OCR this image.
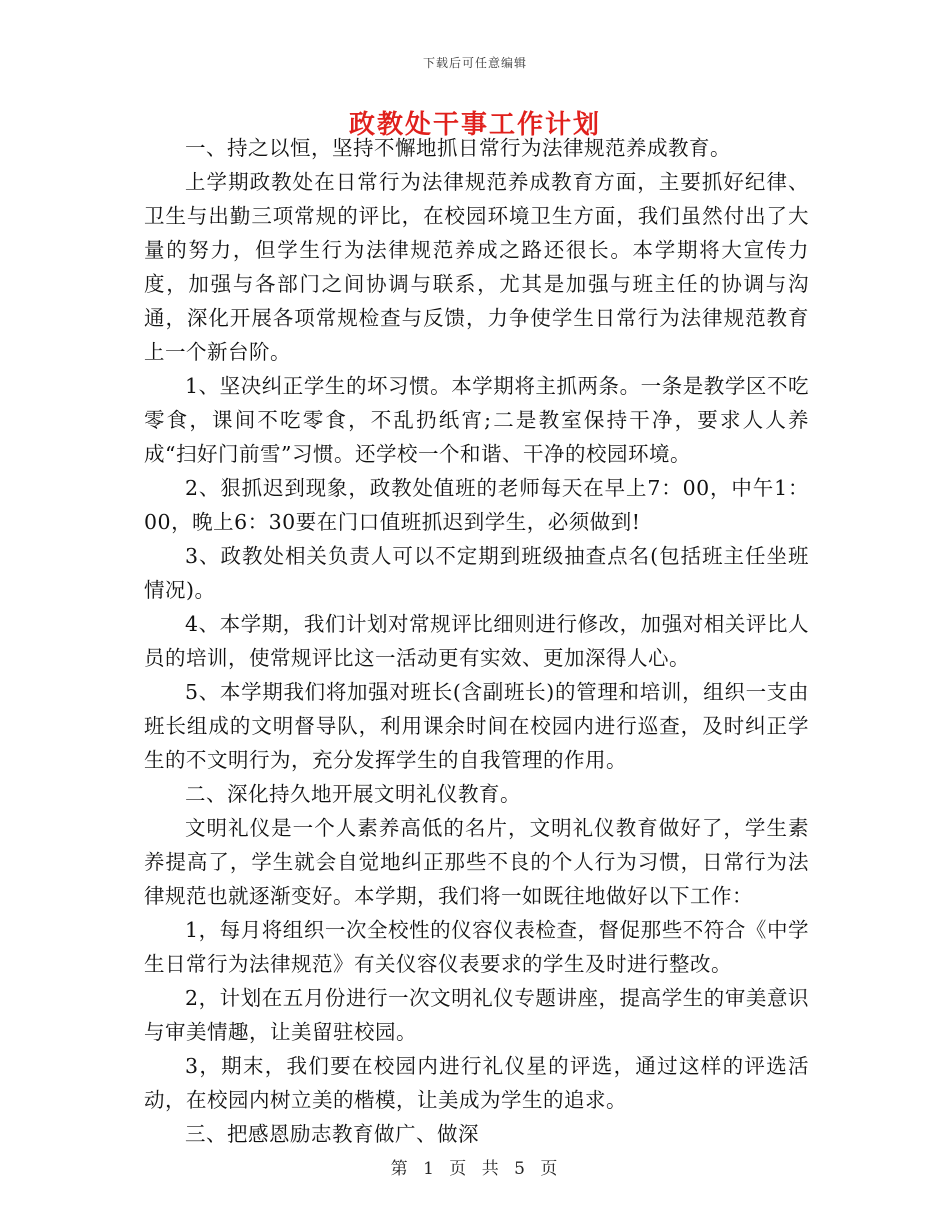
下载后可任意编辑
政教处干事工作计划

一、持之以恒，坚持不懈地抓日常行为法律规范养成教育。

上学期政教处在日常行为法律规范养成教育方面，主要抓好纪律、卫生与出勤三项常规的评比，在校园环境卫生方面，我们虽然付出了大量的努力，但学生行为法律规范养成之路还很长。本学期将大宣传力度，加强与各部门之间协调与联系，尤其是加强与班主任的协调与沟通，深化开展各项常规检查与反馈，力争使学生日常行为法律规范教育上一个新台阶。

1、坚决纠正学生的坏习惯。本学期将主抓两条。一条是教学区不吃零食，课间不吃零食，不乱扔纸宵;二是教室保持干净，要求人人养成“扫好门前雪”习惯。还学校一个和谐、干净的校园环境。

2、狠抓迟到现象，政教处值班的老师每天在早上7：00，中午1：00，晚上6：30要在门口值班抓迟到学生，必须做到!

3、政教处相关负责人可以不定期到班级抽查点名(包括班主任坐班情况)。

4、本学期，我们计划对常规评比细则进行修改，加强对相关评比人员的培训，使常规评比这一活动更有实效、更加深得人心。

5、本学期我们将加强对班长(含副班长)的管理和培训，组织一支由班长组成的文明督导队，利用课余时间在校园内进行巡查，及时纠正学生的不文明行为，充分发挥学生的自我管理的作用。

二、深化持久地开展文明礼仪教育。

文明礼仪是一个人素养高低的名片，文明礼仪教育做好了，学生素养提高了，学生就会自觉地纠正那些不良的个人行为习惯，日常行为法律规范也就逐渐变好。本学期，我们将一如既往地做好以下工作：

1，每月将组织一次全校性的仪容仪表检查，督促那些不符合《中学生日常行为法律规范》有关仪容仪表要求的学生及时进行整改。

2，计划在五月份进行一次文明礼仪专题讲座，提高学生的审美意识与审美情趣，让美留驻校园。

3，期末，我们要在校园内进行礼仪星的评选，通过这样的评选活动，在校园内树立美的楷模，让美成为学生的追求。

三、把感恩励志教育做广、做深

第 1 页 共 5 页
